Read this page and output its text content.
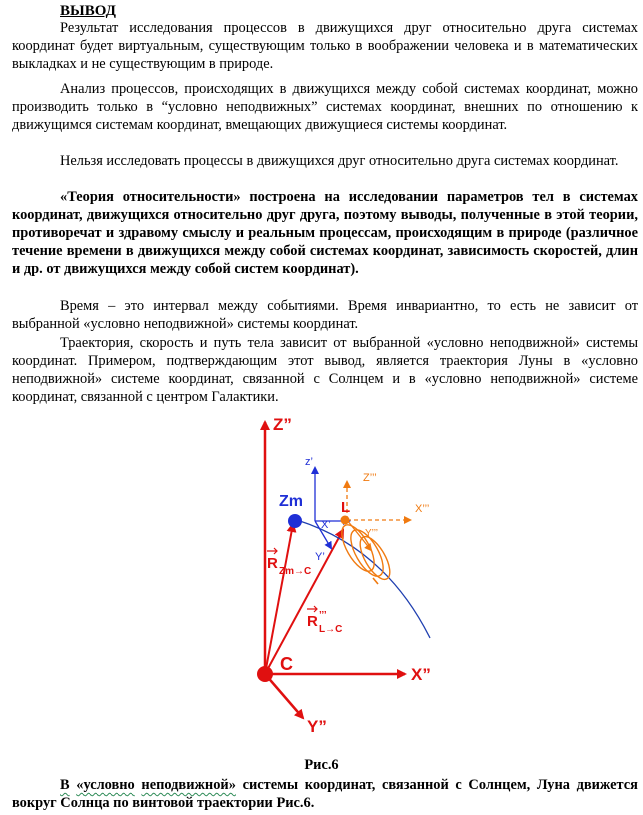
ВЫВОД

Результат исследования процессов в движущихся друг относительно друга системах координат будет виртуальным, существующим только в воображении человека и в математических выкладках и не существующим в природе.

Анализ процессов, происходящих в движущихся между собой системах координат, можно производить только в “условно неподвижных” системах координат, внешних по отношению к движущимся системам координат, вмещающих движущиеся системы координат.

Нельзя исследовать процессы в движущихся друг относительно друга системах координат.

«Теория относительности» построена на исследовании параметров тел в системах координат, движущихся относительно друг друга, поэтому выводы, полученные в этой теории, противоречат и здравому смыслу и реальным процессам, происходящим в природе (различное течение времени в движущихся между собой системах координат, зависимость скоростей, длин и др. от движущихся между собой систем координат).

Время – это интервал между событиями. Время инвариантно, то есть не зависит от выбранной «условно неподвижной» системы координат.

Траектория, скорость и путь тела зависит от выбранной «условно неподвижной» системы координат. Примером, подтверждающим этот вывод, является траектория Луны в «условно неподвижной» системе координат, связанной с Солнцем и в «условно неподвижной» системе координат, связанной с центром Галактики.

Z”
X”
Y”
C
Zm	L
z’
X’
Y’
Z’’’
X’’’
Y’’’
R Zm→C
R ’’’
L→C

Рис.6

В «условно неподвижной» системы координат, связанной с Солнцем, Луна движется вокруг Солнца по винтовой траектории Рис.6.
